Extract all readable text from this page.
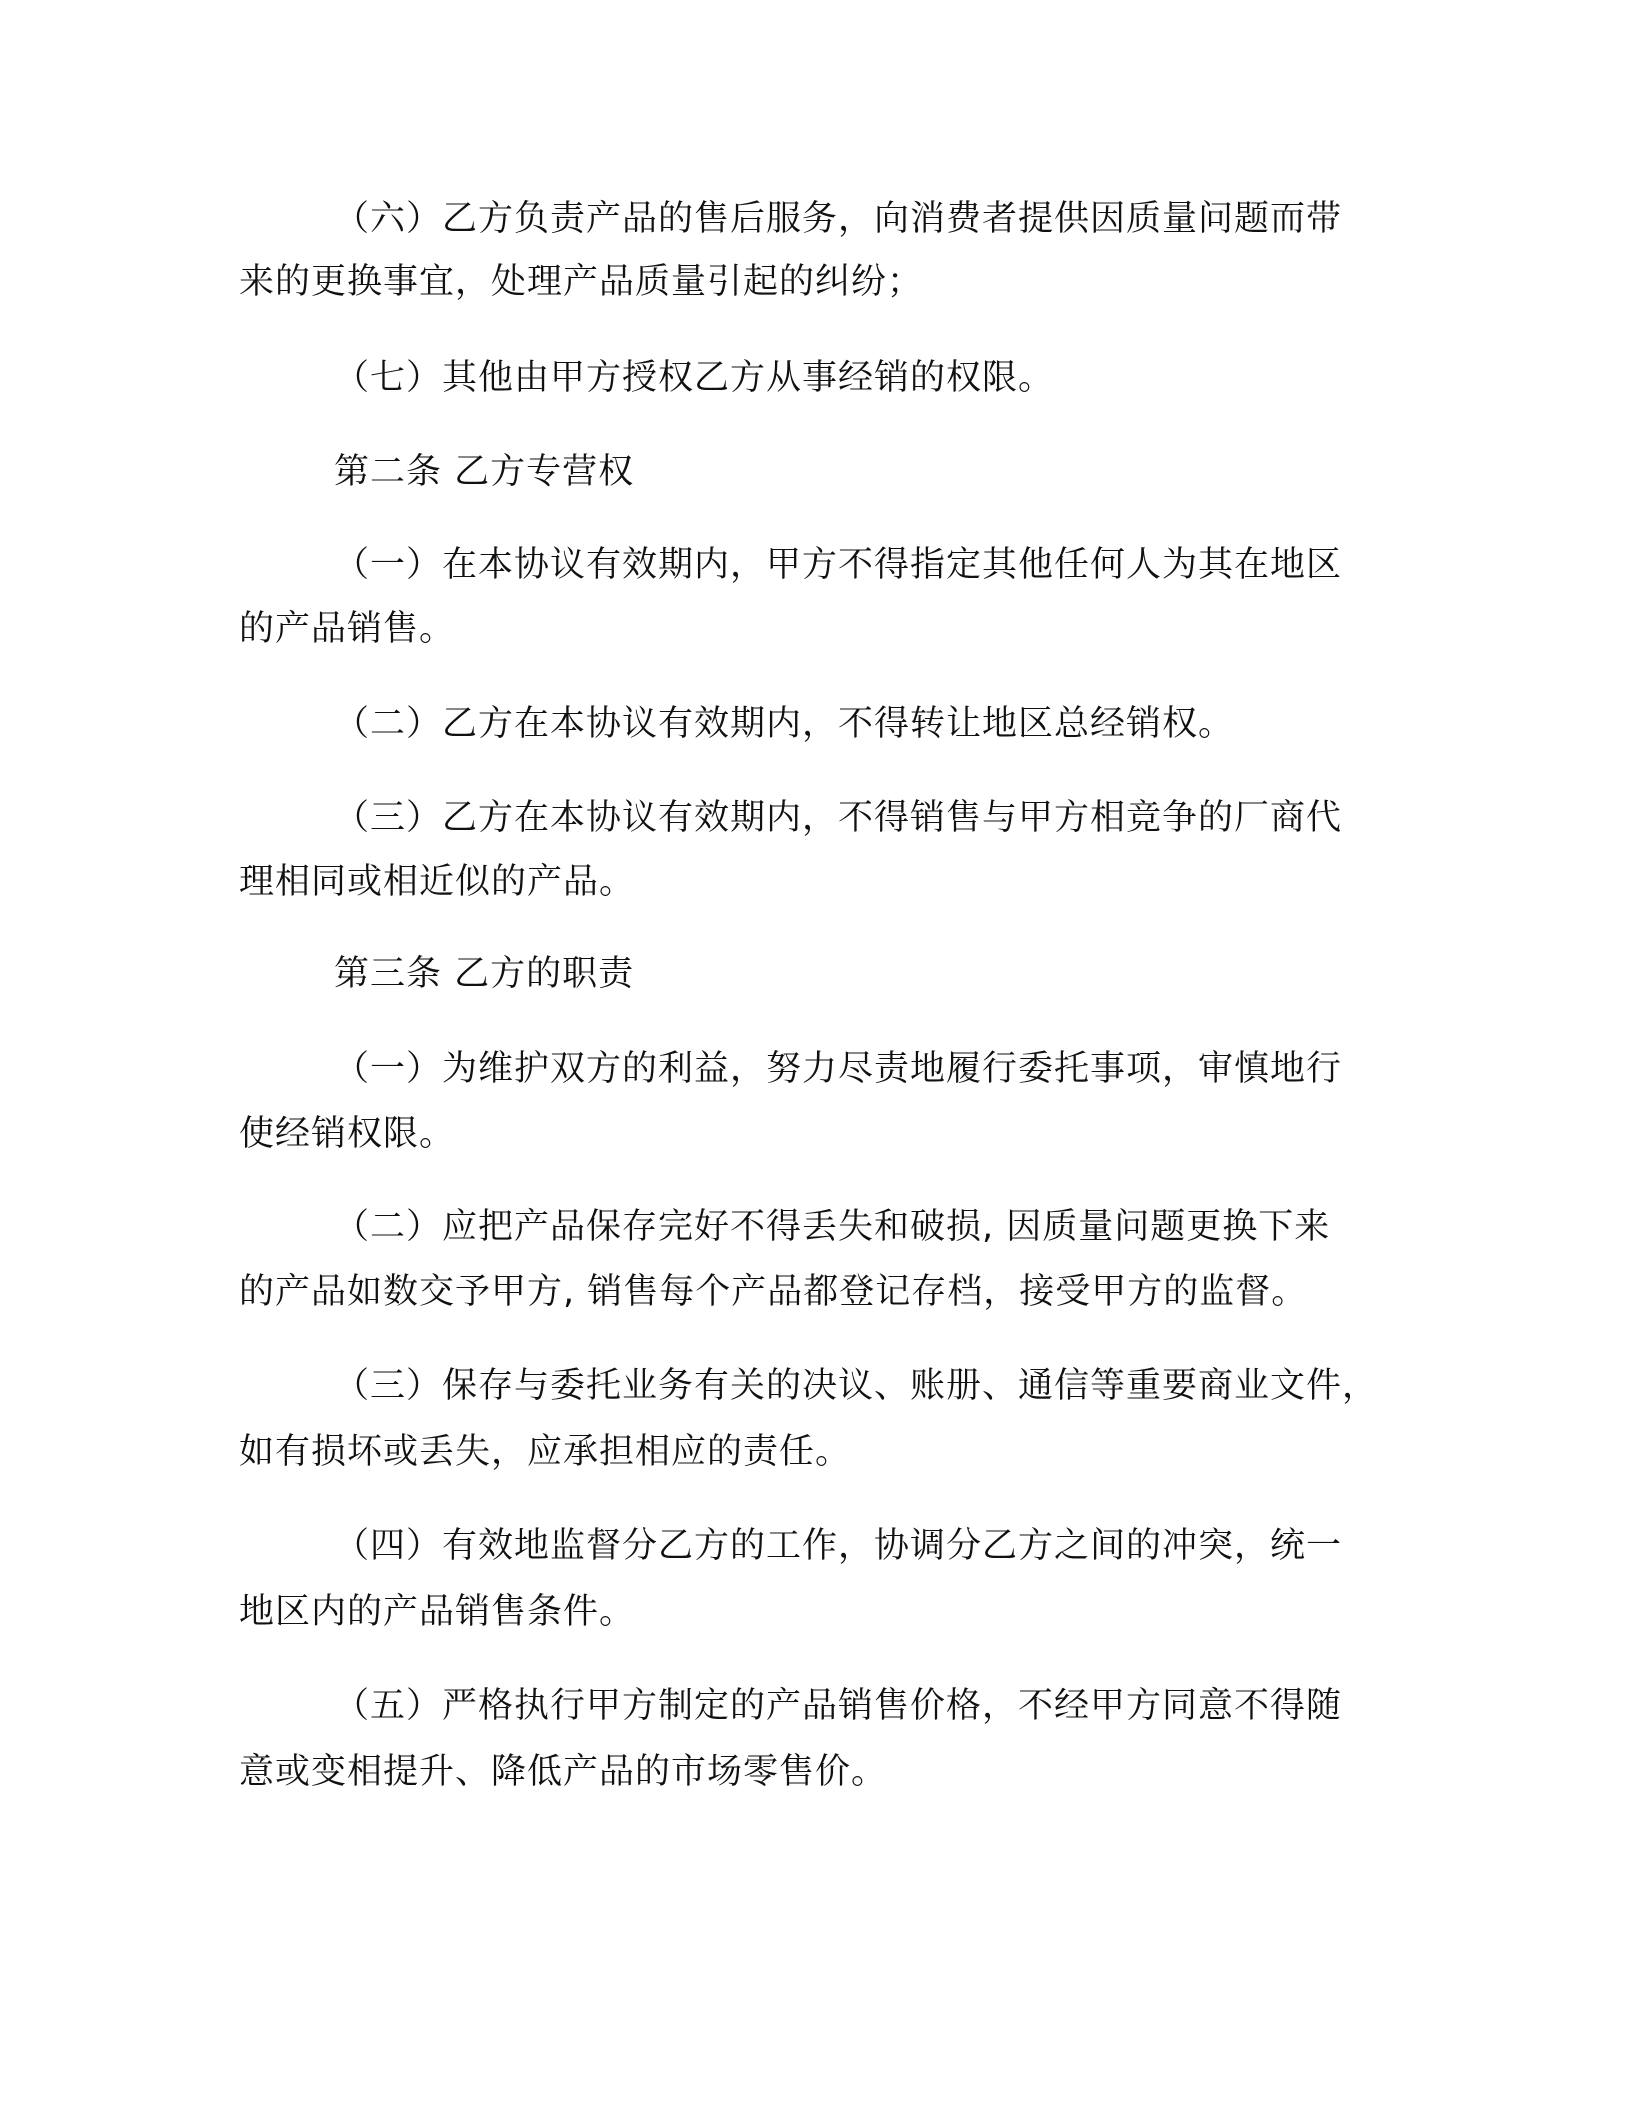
（六）乙方负责产品的售后服务，向消费者提供因质量问题而带
来的更换事宜，处理产品质量引起的纠纷；
（七）其他由甲方授权乙方从事经销的权限。
第二条 乙方专营权
（一）在本协议有效期内，甲方不得指定其他任何人为其在地区
的产品销售。
（二）乙方在本协议有效期内，不得转让地区总经销权。
（三）乙方在本协议有效期内，不得销售与甲方相竞争的厂商代
理相同或相近似的产品。
第三条 乙方的职责
（一）为维护双方的利益，努力尽责地履行委托事项，审慎地行
使经销权限。
（二）应把产品保存完好不得丢失和破损, 因质量问题更换下来
的产品如数交予甲方, 销售每个产品都登记存档，接受甲方的监督。
（三）保存与委托业务有关的决议、账册、通信等重要商业文件，
如有损坏或丢失，应承担相应的责任。
（四）有效地监督分乙方的工作，协调分乙方之间的冲突，统一
地区内的产品销售条件。
（五）严格执行甲方制定的产品销售价格，不经甲方同意不得随
意或变相提升、降低产品的市场零售价。
